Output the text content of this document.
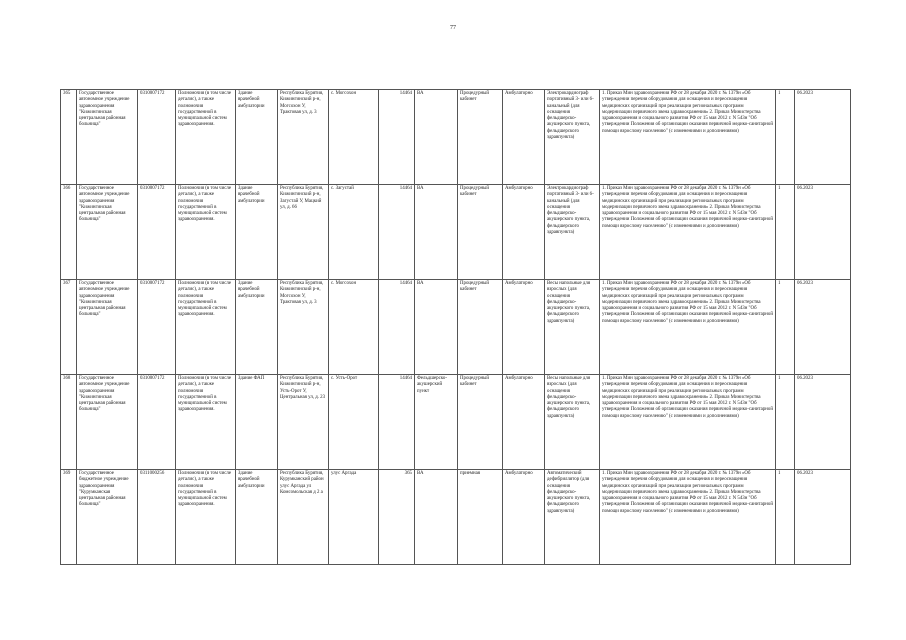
77
365	Государственное автономное учреждение здравоохранения "Кижингинская центральная районная больница"	0310007172	Полномочия (в том числе деталис), а также полномочия государственной в муниципальной систем здравоохранения.	Здание врачебной амбулатории	Республика Бурятия, Кижингинский р-н, Могсохон У, Трактовая ул, д. 3	с. Могсохон	14464	ВА	Процедурный кабинет	Амбулаторно	Электрокардиограф портативный 3- или 6-канальный (для оснащения фельдшерско-акушерского пункта, фельдшерского здравпункта)	1. Приказ Мин здравоохранения РФ от 28 декабря 2020 г. № 1379н «Об утверждении перечня оборудования для оснащения и переоснащения медицинских организаций при реализации региональных программ модернизации первичного звена здравоохранения» 2. Приказ Министерства здравоохранения и социального развития РФ от 15 мая 2012 г. N 543н "Об утверждении Положения об организации оказания первичной медико-санитарной помощи взрослому населению" (с изменениями и дополнениями)	1	06.2023
366	Государственное автономное учреждение здравоохранения "Кижингинская центральная районная больница"	0310007172	Полномочия (в том числе деталис), а также полномочия государственной в муниципальной систем здравоохранения.	Здание врачебной амбулатории	Республика Бурятия, Кижингинский р-н, Загустай У, Мацкий ул, д. 66	с. Загустай	14464	ВА	Процедурный кабинет	Амбулаторно	Электрокардиограф портативный 3- или 6-канальный (для оснащения фельдшерско-акушерского пункта, фельдшерского здравпункта)	1. Приказ Мин здравоохранения РФ от 28 декабря 2020 г. № 1379н «Об утверждении перечня оборудования для оснащения и переоснащения медицинских организаций при реализации региональных программ модернизации первичного звена здравоохранения» 2. Приказ Министерства здравоохранения и социального развития РФ от 15 мая 2012 г. N 543н "Об утверждении Положения об организации оказания первичной медико-санитарной помощи взрослому населению" (с изменениями и дополнениями)	1	06.2023
367	Государственное автономное учреждение здравоохранения "Кижингинская центральная районная больница"	0310007172	Полномочия (в том числе деталис), а также полномочия государственной в муниципальной систем здравоохранения.	Здание врачебной амбулатории	Республика Бурятия, Кижингинский р-н, Могсохон У, Трактовая ул, д. 3	с. Могсохон	14464	ВА	Процедурный кабинет	Амбулаторно	Весы напольные для взрослых (для оснащения фельдшерско-акушерского пункта, фельдшерского здравпункта)	1. Приказ Мин здравоохранения РФ от 28 декабря 2020 г. № 1379н «Об утверждении перечня оборудования для оснащения и переоснащения медицинских организаций при реализации региональных программ модернизации первичного звена здравоохранения» 2. Приказ Министерства здравоохранения и социального развития РФ от 15 мая 2012 г. N 543н "Об утверждении Положения об организации оказания первичной медико-санитарной помощи взрослому населению" (с изменениями и дополнениями)	1	06.2023
368	Государственное автономное учреждение здравоохранения "Кижингинская центральная районная больница"	0310007172	Полномочия (в том числе деталис), а также полномочия государственной в муниципальной систем здравоохранения.	Здание ФАП	Республика Бурятия, Кижингинский р-н, Усть-Орот У, Центральная ул, д. 23	с. Усть-Орот	14464	Фельдшерско-акушерский пункт	Процедурный кабинет	Амбулаторно	Весы напольные для взрослых (для оснащения фельдшерско-акушерского пункта, фельдшерского здравпункта)	1. Приказ Мин здравоохранения РФ от 28 декабря 2020 г. № 1379н «Об утверждении перечня оборудования для оснащения и переоснащения медицинских организаций при реализации региональных программ модернизации первичного звена здравоохранения» 2. Приказ Министерства здравоохранения и социального развития РФ от 15 мая 2012 г. N 543н "Об утверждении Положения об организации оказания первичной медико-санитарной помощи взрослому населению" (с изменениями и дополнениями)	1	06.2023
369	Государственное бюджетное учреждение здравоохранения "Курумканская центральная районная больница"	0311000256	Полномочия (в том числе деталис), а также полномочия государственной в муниципальной систем здравоохранения.	Здание врачебной амбулатории	Республика Бурятия, Курумканский район улус Аргада ул Комсомольская д 2 а	улус Аргада	365	ВА	приемная	Амбулаторно	Автоматический дефибриллятор (для оснащения фельдшерско-акушерского пункта, фельдшерского здравпункта)	1. Приказ Мин здравоохранения РФ от 28 декабря 2020 г. № 1379н «Об утверждении перечня оборудования для оснащения и переоснащения медицинских организаций при реализации региональных программ модернизации первичного звена здравоохранения» 2. Приказ Министерства здравоохранения и социального развития РФ от 15 мая 2012 г. N 543н "Об утверждении Положения об организации оказания первичной медико-санитарной помощи взрослому населению" (с изменениями и дополнениями)	1	06.2023
